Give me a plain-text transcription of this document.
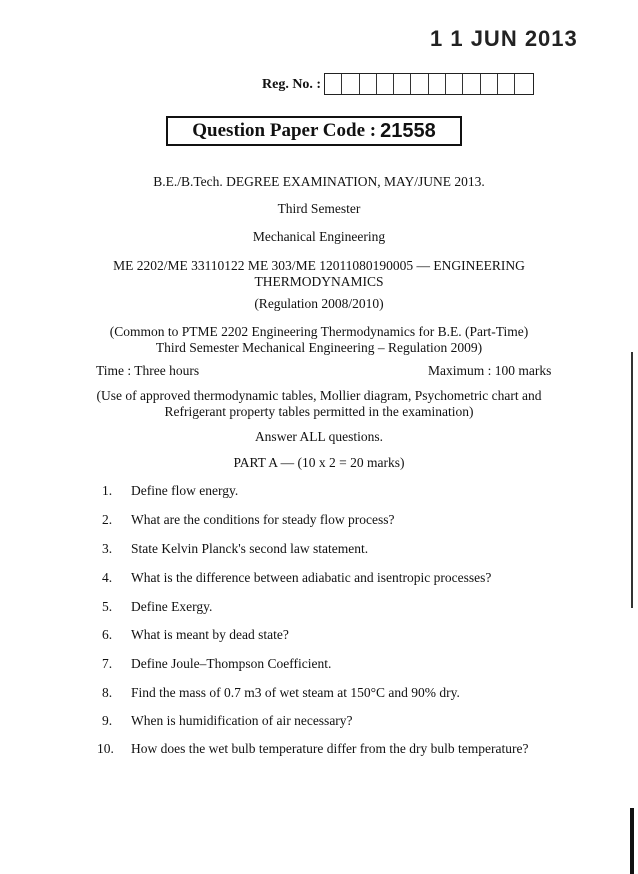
1 1 JUN 2013
Reg. No. :
Question Paper Code : 21558
B.E./B.Tech. DEGREE EXAMINATION, MAY/JUNE 2013.
Third Semester
Mechanical Engineering
ME 2202/ME 33110122 ME 303/ME 12011080190005 — ENGINEERING
THERMODYNAMICS
(Regulation 2008/2010)
(Common to PTME 2202 Engineering Thermodynamics for B.E. (Part-Time)
Third Semester Mechanical Engineering – Regulation 2009)
Time : Three hours	Maximum : 100 marks
(Use of approved thermodynamic tables, Mollier diagram, Psychometric chart and
Refrigerant property tables permitted in the examination)
Answer ALL questions.
PART A — (10 x 2 = 20 marks)
1. Define flow energy.
2. What are the conditions for steady flow process?
3. State Kelvin Planck's second law statement.
4. What is the difference between adiabatic and isentropic processes?
5. Define Exergy.
6. What is meant by dead state?
7. Define Joule–Thompson Coefficient.
8. Find the mass of 0.7 m3 of wet steam at 150°C and 90% dry.
9. When is humidification of air necessary?
10. How does the wet bulb temperature differ from the dry bulb temperature?
